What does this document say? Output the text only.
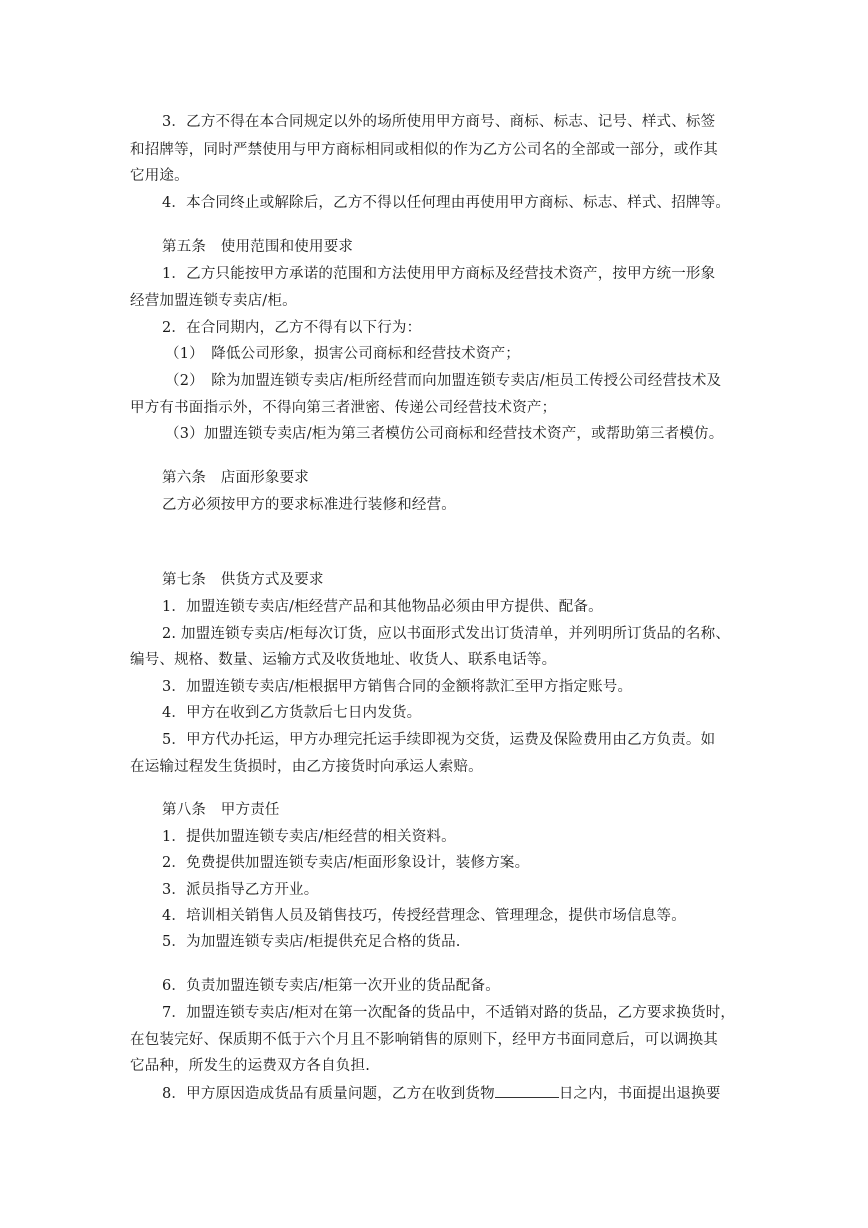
3．乙方不得在本合同规定以外的场所使用甲方商号、商标、标志、记号、样式、标签
和招牌等，同时严禁使用与甲方商标相同或相似的作为乙方公司名的全部或一部分，或作其
它用途。
4．本合同终止或解除后，乙方不得以任何理由再使用甲方商标、标志、样式、招牌等。
第五条　使用范围和使用要求
1．乙方只能按甲方承诺的范围和方法使用甲方商标及经营技术资产，按甲方统一形象
经营加盟连锁专卖店/柜。
2．在合同期内，乙方不得有以下行为：
（1）　降低公司形象，损害公司商标和经营技术资产；
（2）　除为加盟连锁专卖店/柜所经营而向加盟连锁专卖店/柜员工传授公司经营技术及
甲方有书面指示外，不得向第三者泄密、传递公司经营技术资产；
（3）加盟连锁专卖店/柜为第三者模仿公司商标和经营技术资产，或帮助第三者模仿。
第六条　店面形象要求
乙方必须按甲方的要求标准进行装修和经营。
第七条　供货方式及要求
1．加盟连锁专卖店/柜经营产品和其他物品必须由甲方提供、配备。
2. 加盟连锁专卖店/柜每次订货，应以书面形式发出订货清单，并列明所订货品的名称、
编号、规格、数量、运输方式及收货地址、收货人、联系电话等。
3．加盟连锁专卖店/柜根据甲方销售合同的金额将款汇至甲方指定账号。
4．甲方在收到乙方货款后七日内发货。
5．甲方代办托运，甲方办理完托运手续即视为交货，运费及保险费用由乙方负责。如
在运输过程发生货损时，由乙方接货时向承运人索赔。
第八条　甲方责任
1．提供加盟连锁专卖店/柜经营的相关资料。
2．免费提供加盟连锁专卖店/柜面形象设计，装修方案。
3．派员指导乙方开业。
4．培训相关销售人员及销售技巧，传授经营理念、管理理念，提供市场信息等。
5．为加盟连锁专卖店/柜提供充足合格的货品.
6．负责加盟连锁专卖店/柜第一次开业的货品配备。
7．加盟连锁专卖店/柜对在第一次配备的货品中，不适销对路的货品，乙方要求换货时，
在包装完好、保质期不低于六个月且不影响销售的原则下，经甲方书面同意后，可以调换其
它品种，所发生的运费双方各自负担.
8．甲方原因造成货品有质量问题，乙方在收到货物	日之内，书面提出退换要
